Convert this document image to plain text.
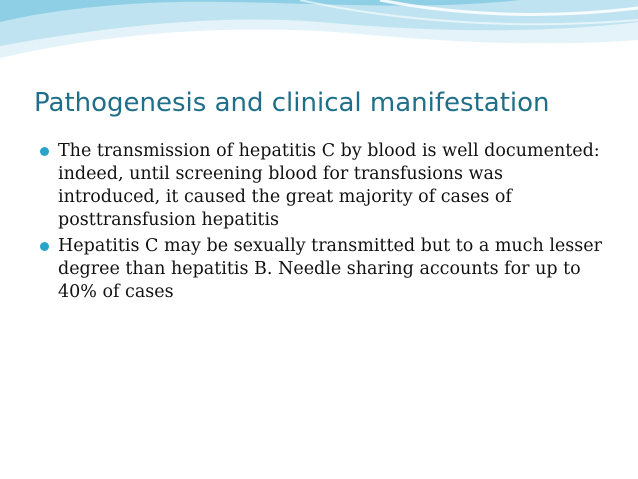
Pathogenesis and clinical manifestation
The transmission of hepatitis C by blood is well documented: indeed, until screening blood for transfusions was introduced, it caused the great majority of cases of posttransfusion hepatitis
Hepatitis C may be sexually transmitted but to a much lesser degree than hepatitis B. Needle sharing accounts for up to 40% of cases
